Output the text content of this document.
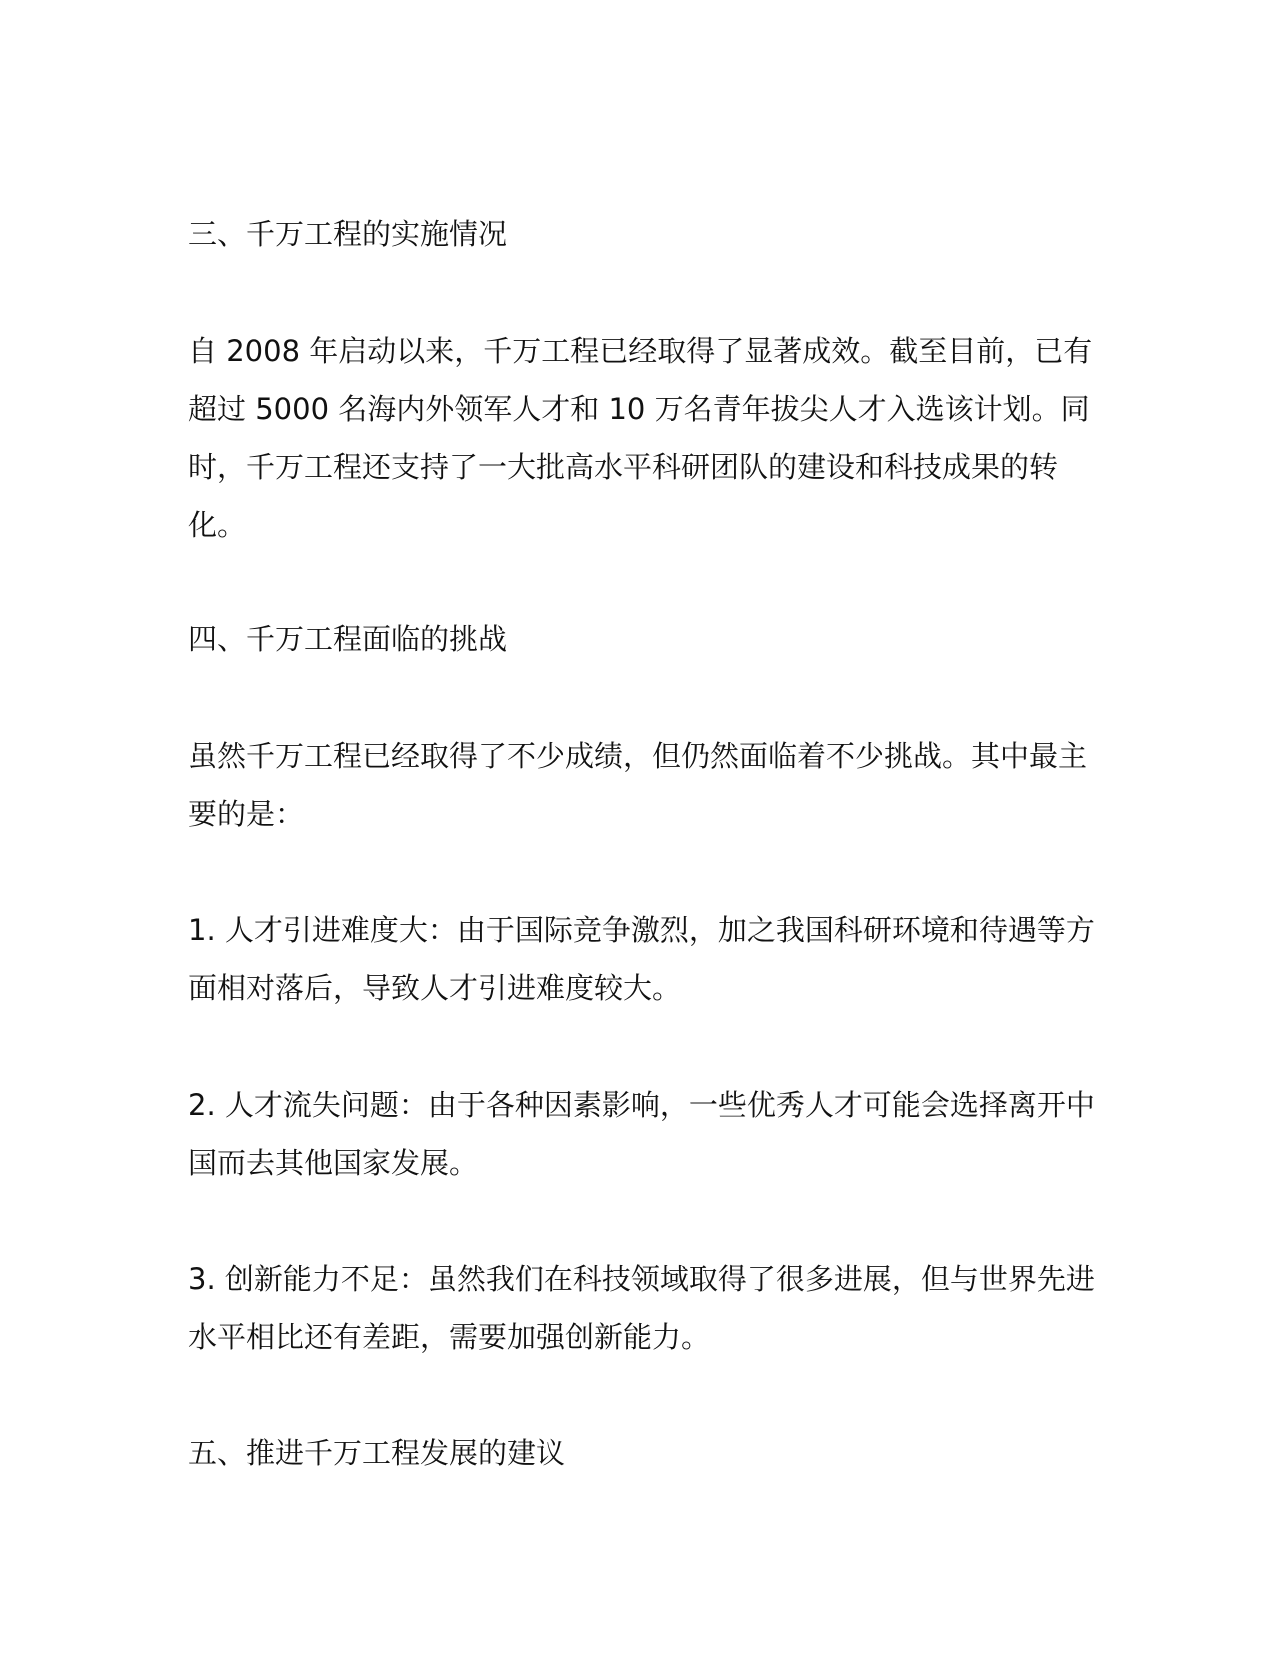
三、千万工程的实施情况

自 2008 年启动以来，千万工程已经取得了显著成效。截至目前，已有超过 5000 名海内外领军人才和 10 万名青年拔尖人才入选该计划。同时，千万工程还支持了一大批高水平科研团队的建设和科技成果的转化。

四、千万工程面临的挑战

虽然千万工程已经取得了不少成绩，但仍然面临着不少挑战。其中最主要的是：

1. 人才引进难度大：由于国际竞争激烈，加之我国科研环境和待遇等方面相对落后，导致人才引进难度较大。

2. 人才流失问题：由于各种因素影响，一些优秀人才可能会选择离开中国而去其他国家发展。

3. 创新能力不足：虽然我们在科技领域取得了很多进展，但与世界先进水平相比还有差距，需要加强创新能力。

五、推进千万工程发展的建议
